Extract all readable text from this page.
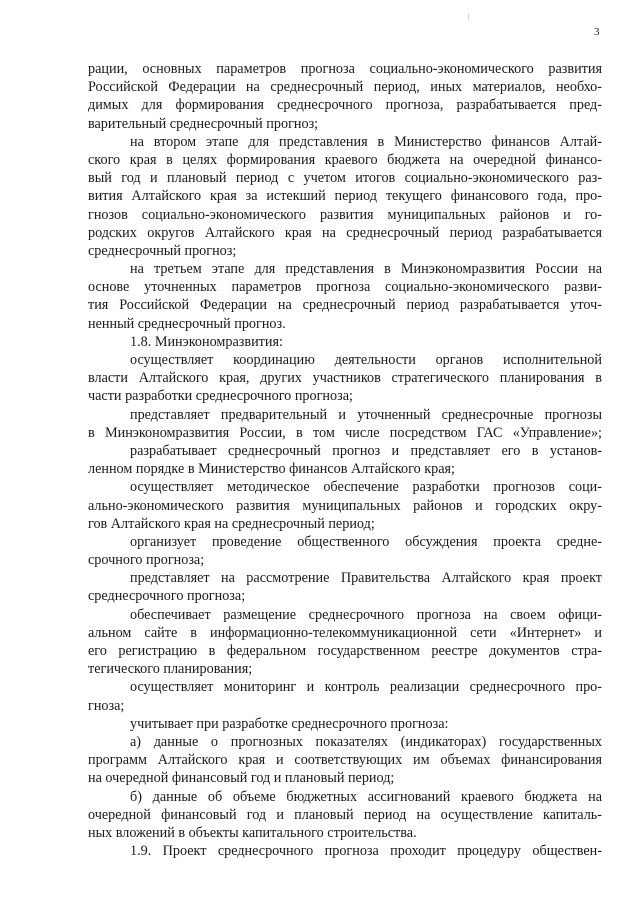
/
3
рации, основных параметров прогноза социально-экономического развития
Российской Федерации на среднесрочный период, иных материалов, необхо-
димых для формирования среднесрочного прогноза, разрабатывается пред-
варительный среднесрочный прогноз;
на втором этапе для представления в Министерство финансов Алтай-
ского края в целях формирования краевого бюджета на очередной финансо-
вый год и плановый период с учетом итогов социально-экономического раз-
вития Алтайского края за истекший период текущего финансового года, про-
гнозов социально-экономического развития муниципальных районов и го-
родских округов Алтайского края на среднесрочный период разрабатывается
среднесрочный прогноз;
на третьем этапе для представления в Минэкономразвития России на
основе уточненных параметров прогноза социально-экономического разви-
тия Российской Федерации на среднесрочный период разрабатывается уточ-
ненный среднесрочный прогноз.
1.8. Минэкономразвития:
осуществляет координацию деятельности органов исполнительной
власти Алтайского края, других участников стратегического планирования в
части разработки среднесрочного прогноза;
представляет предварительный и уточненный среднесрочные прогнозы
в Минэкономразвития России, в том числе посредством ГАС «Управление»;
разрабатывает среднесрочный прогноз и представляет его в установ-
ленном порядке в Министерство финансов Алтайского края;
осуществляет методическое обеспечение разработки прогнозов соци-
ально-экономического развития муниципальных районов и городских окру-
гов Алтайского края на среднесрочный период;
организует проведение общественного обсуждения проекта средне-
срочного прогноза;
представляет на рассмотрение Правительства Алтайского края проект
среднесрочного прогноза;
обеспечивает размещение среднесрочного прогноза на своем офици-
альном сайте в информационно-телекоммуникационной сети «Интернет» и
его регистрацию в федеральном государственном реестре документов стра-
тегического планирования;
осуществляет мониторинг и контроль реализации среднесрочного про-
гноза;
учитывает при разработке среднесрочного прогноза:
а) данные о прогнозных показателях (индикаторах) государственных
программ Алтайского края и соответствующих им объемах финансирования
на очередной финансовый год и плановый период;
б) данные об объеме бюджетных ассигнований краевого бюджета на
очередной финансовый год и плановый период на осуществление капиталь-
ных вложений в объекты капитального строительства.
1.9. Проект среднесрочного прогноза проходит процедуру обществен-
